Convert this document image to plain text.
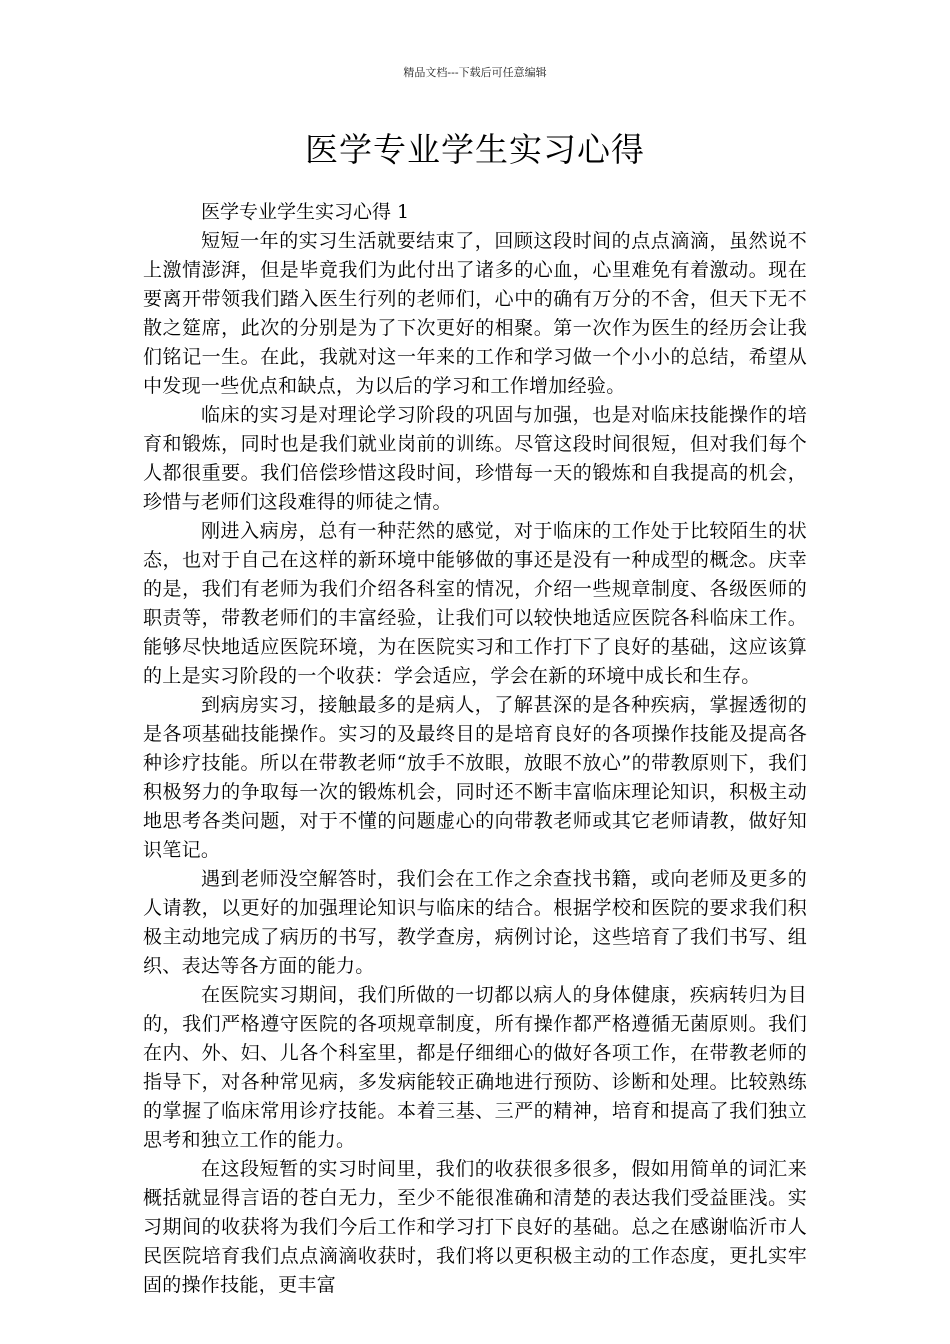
精品文档---下载后可任意编辑
医学专业学生实习心得

医学专业学生实习心得 1

短短一年的实习生活就要结束了，回顾这段时间的点点滴滴，虽然说不上激情澎湃，但是毕竟我们为此付出了诸多的心血，心里难免有着激动。现在要离开带领我们踏入医生行列的老师们，心中的确有万分的不舍，但天下无不散之筵席，此次的分别是为了下次更好的相聚。第一次作为医生的经历会让我们铭记一生。在此，我就对这一年来的工作和学习做一个小小的总结，希望从中发现一些优点和缺点，为以后的学习和工作增加经验。

临床的实习是对理论学习阶段的巩固与加强，也是对临床技能操作的培育和锻炼，同时也是我们就业岗前的训练。尽管这段时间很短，但对我们每个人都很重要。我们倍偿珍惜这段时间，珍惜每一天的锻炼和自我提高的机会，珍惜与老师们这段难得的师徒之情。

刚进入病房，总有一种茫然的感觉，对于临床的工作处于比较陌生的状态，也对于自己在这样的新环境中能够做的事还是没有一种成型的概念。庆幸的是，我们有老师为我们介绍各科室的情况，介绍一些规章制度、各级医师的职责等，带教老师们的丰富经验，让我们可以较快地适应医院各科临床工作。能够尽快地适应医院环境，为在医院实习和工作打下了良好的基础，这应该算的上是实习阶段的一个收获：学会适应，学会在新的环境中成长和生存。

到病房实习，接触最多的是病人，了解甚深的是各种疾病，掌握透彻的是各项基础技能操作。实习的及最终目的是培育良好的各项操作技能及提高各种诊疗技能。所以在带教老师“放手不放眼，放眼不放心”的带教原则下，我们积极努力的争取每一次的锻炼机会，同时还不断丰富临床理论知识，积极主动地思考各类问题，对于不懂的问题虚心的向带教老师或其它老师请教，做好知识笔记。

遇到老师没空解答时，我们会在工作之余查找书籍，或向老师及更多的人请教，以更好的加强理论知识与临床的结合。根据学校和医院的要求我们积极主动地完成了病历的书写，教学查房，病例讨论，这些培育了我们书写、组织、表达等各方面的能力。

在医院实习期间，我们所做的一切都以病人的身体健康，疾病转归为目的，我们严格遵守医院的各项规章制度，所有操作都严格遵循无菌原则。我们在内、外、妇、儿各个科室里，都是仔细细心的做好各项工作，在带教老师的指导下，对各种常见病，多发病能较正确地进行预防、诊断和处理。比较熟练的掌握了临床常用诊疗技能。本着三基、三严的精神，培育和提高了我们独立思考和独立工作的能力。

在这段短暂的实习时间里，我们的收获很多很多，假如用简单的词汇来概括就显得言语的苍白无力，至少不能很准确和清楚的表达我们受益匪浅。实习期间的收获将为我们今后工作和学习打下良好的基础。总之在感谢临沂市人民医院培育我们点点滴滴收获时，我们将以更积极主动的工作态度，更扎实牢固的操作技能，更丰富
